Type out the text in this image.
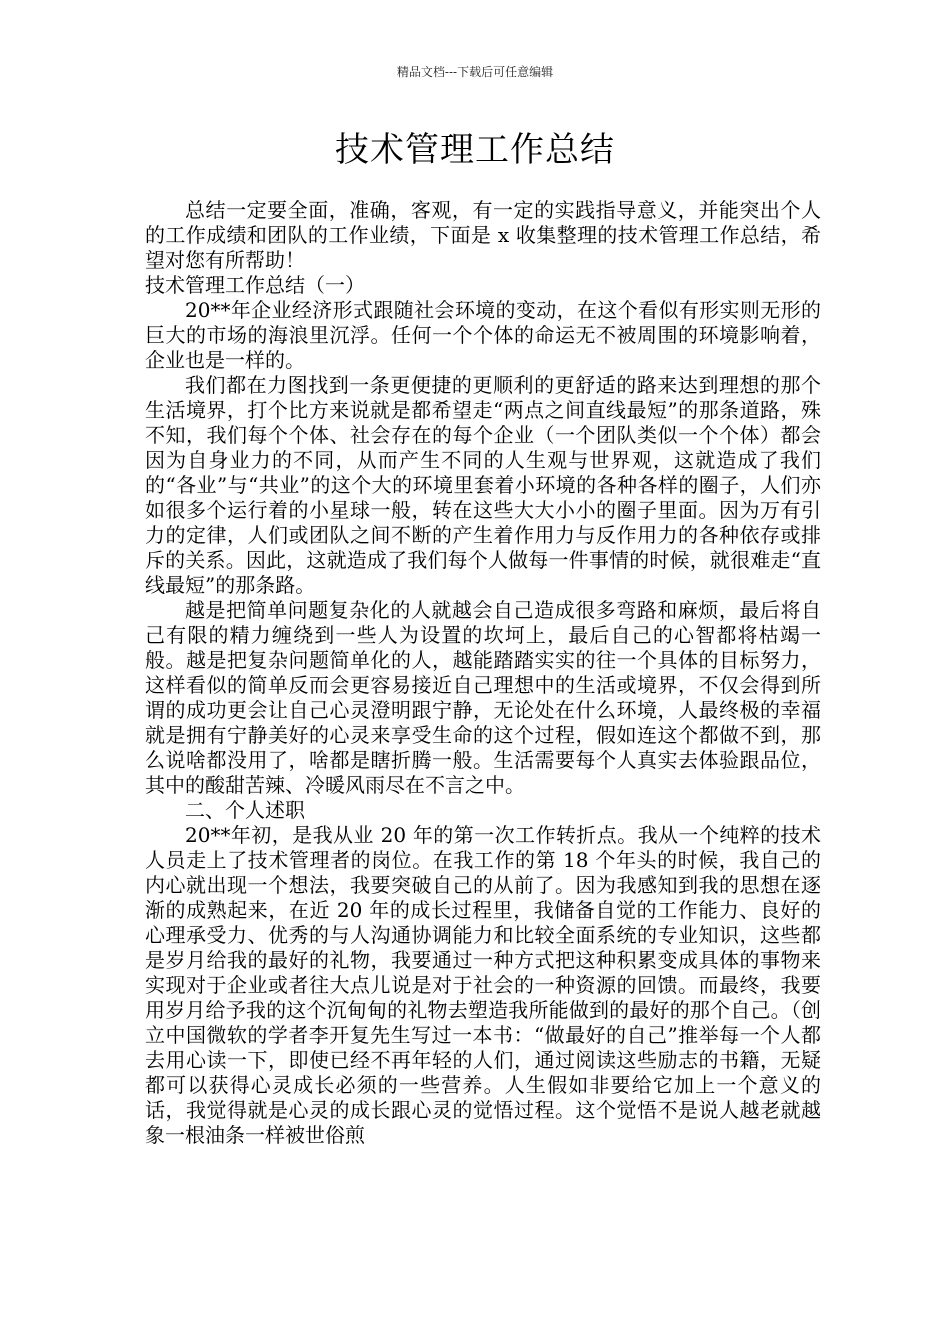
精品文档---下载后可任意编辑
技术管理工作总结

总结一定要全面，准确，客观，有一定的实践指导意义，并能突出个人的工作成绩和团队的工作业绩，下面是 x 收集整理的技术管理工作总结，希望对您有所帮助！

技术管理工作总结（一）

20**年企业经济形式跟随社会环境的变动，在这个看似有形实则无形的巨大的市场的海浪里沉浮。任何一个个体的命运无不被周围的环境影响着，企业也是一样的。

我们都在力图找到一条更便捷的更顺利的更舒适的路来达到理想的那个生活境界，打个比方来说就是都希望走“两点之间直线最短”的那条道路，殊不知，我们每个个体、社会存在的每个企业（一个团队类似一个个体）都会因为自身业力的不同，从而产生不同的人生观与世界观，这就造成了我们的“各业”与“共业”的这个大的环境里套着小环境的各种各样的圈子，人们亦如很多个运行着的小星球一般，转在这些大大小小的圈子里面。因为万有引力的定律，人们或团队之间不断的产生着作用力与反作用力的各种依存或排斥的关系。因此，这就造成了我们每个人做每一件事情的时候，就很难走“直线最短”的那条路。

越是把简单问题复杂化的人就越会自己造成很多弯路和麻烦，最后将自己有限的精力缠绕到一些人为设置的坎坷上，最后自己的心智都将枯竭一般。越是把复杂问题简单化的人，越能踏踏实实的往一个具体的目标努力，这样看似的简单反而会更容易接近自己理想中的生活或境界，不仅会得到所谓的成功更会让自己心灵澄明跟宁静，无论处在什么环境，人最终极的幸福就是拥有宁静美好的心灵来享受生命的这个过程，假如连这个都做不到，那么说啥都没用了，啥都是瞎折腾一般。生活需要每个人真实去体验跟品位，其中的酸甜苦辣、冷暖风雨尽在不言之中。

二、个人述职

20**年初，是我从业 20 年的第一次工作转折点。我从一个纯粹的技术人员走上了技术管理者的岗位。在我工作的第 18 个年头的时候，我自己的内心就出现一个想法，我要突破自己的从前了。因为我感知到我的思想在逐渐的成熟起来，在近 20 年的成长过程里，我储备自觉的工作能力、良好的心理承受力、优秀的与人沟通协调能力和比较全面系统的专业知识，这些都是岁月给我的最好的礼物，我要通过一种方式把这种积累变成具体的事物来实现对于企业或者往大点儿说是对于社会的一种资源的回馈。而最终，我要用岁月给予我的这个沉甸甸的礼物去塑造我所能做到的最好的那个自己。（创立中国微软的学者李开复先生写过一本书：“做最好的自己”推举每一个人都去用心读一下，即使已经不再年轻的人们，通过阅读这些励志的书籍，无疑都可以获得心灵成长必须的一些营养。人生假如非要给它加上一个意义的话，我觉得就是心灵的成长跟心灵的觉悟过程。这个觉悟不是说人越老就越象一根油条一样被世俗煎
